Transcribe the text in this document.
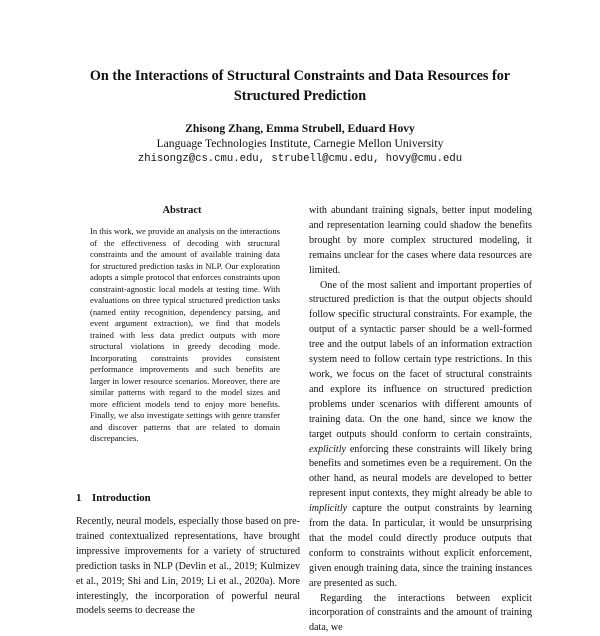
On the Interactions of Structural Constraints and Data Resources for
Structured Prediction

Zhisong Zhang, Emma Strubell, Eduard Hovy

Language Technologies Institute, Carnegie Mellon University

zhisongz@cs.cmu.edu, strubell@cmu.edu, hovy@cmu.edu

Abstract

In this work, we provide an analysis on the interactions of the effectiveness of decoding with structural constraints and the amount of available training data for structured prediction tasks in NLP. Our exploration adopts a simple protocol that enforces constraints upon constraint-agnostic local models at testing time. With evaluations on three typical structured prediction tasks (named entity recognition, dependency parsing, and event argument extraction), we find that models trained with less data predict outputs with more structural violations in greedy decoding mode. Incorporating constraints provides consistent performance improvements and such benefits are larger in lower resource scenarios. Moreover, there are similar patterns with regard to the model sizes and more efficient models tend to enjoy more benefits. Finally, we also investigate settings with genre transfer and discover patterns that are related to domain discrepancies.

1 Introduction

Recently, neural models, especially those based on pre-trained contextualized representations, have brought impressive improvements for a variety of structured prediction tasks in NLP (Devlin et al., 2019; Kulmizev et al., 2019; Shi and Lin, 2019; Li et al., 2020a). More interestingly, the incorporation of powerful neural models seems to decrease the

with abundant training signals, better input modeling and representation learning could shadow the benefits brought by more complex structured modeling, it remains unclear for the cases where data resources are limited.

One of the most salient and important properties of structured prediction is that the output objects should follow specific structural constraints. For example, the output of a syntactic parser should be a well-formed tree and the output labels of an information extraction system need to follow certain type restrictions. In this work, we focus on the facet of structural constraints and explore its influence on structured prediction problems under scenarios with different amounts of training data. On the one hand, since we know the target outputs should conform to certain constraints, explicitly enforcing these constraints will likely bring benefits and sometimes even be a requirement. On the other hand, as neural models are developed to better represent input contexts, they might already be able to implicitly capture the output constraints by learning from the data. In particular, it would be unsurprising that the model could directly produce outputs that conform to constraints without explicit enforcement, given enough training data, since the training instances are presented as such.

Regarding the interactions between explicit incorporation of constraints and the amount of training data, we
